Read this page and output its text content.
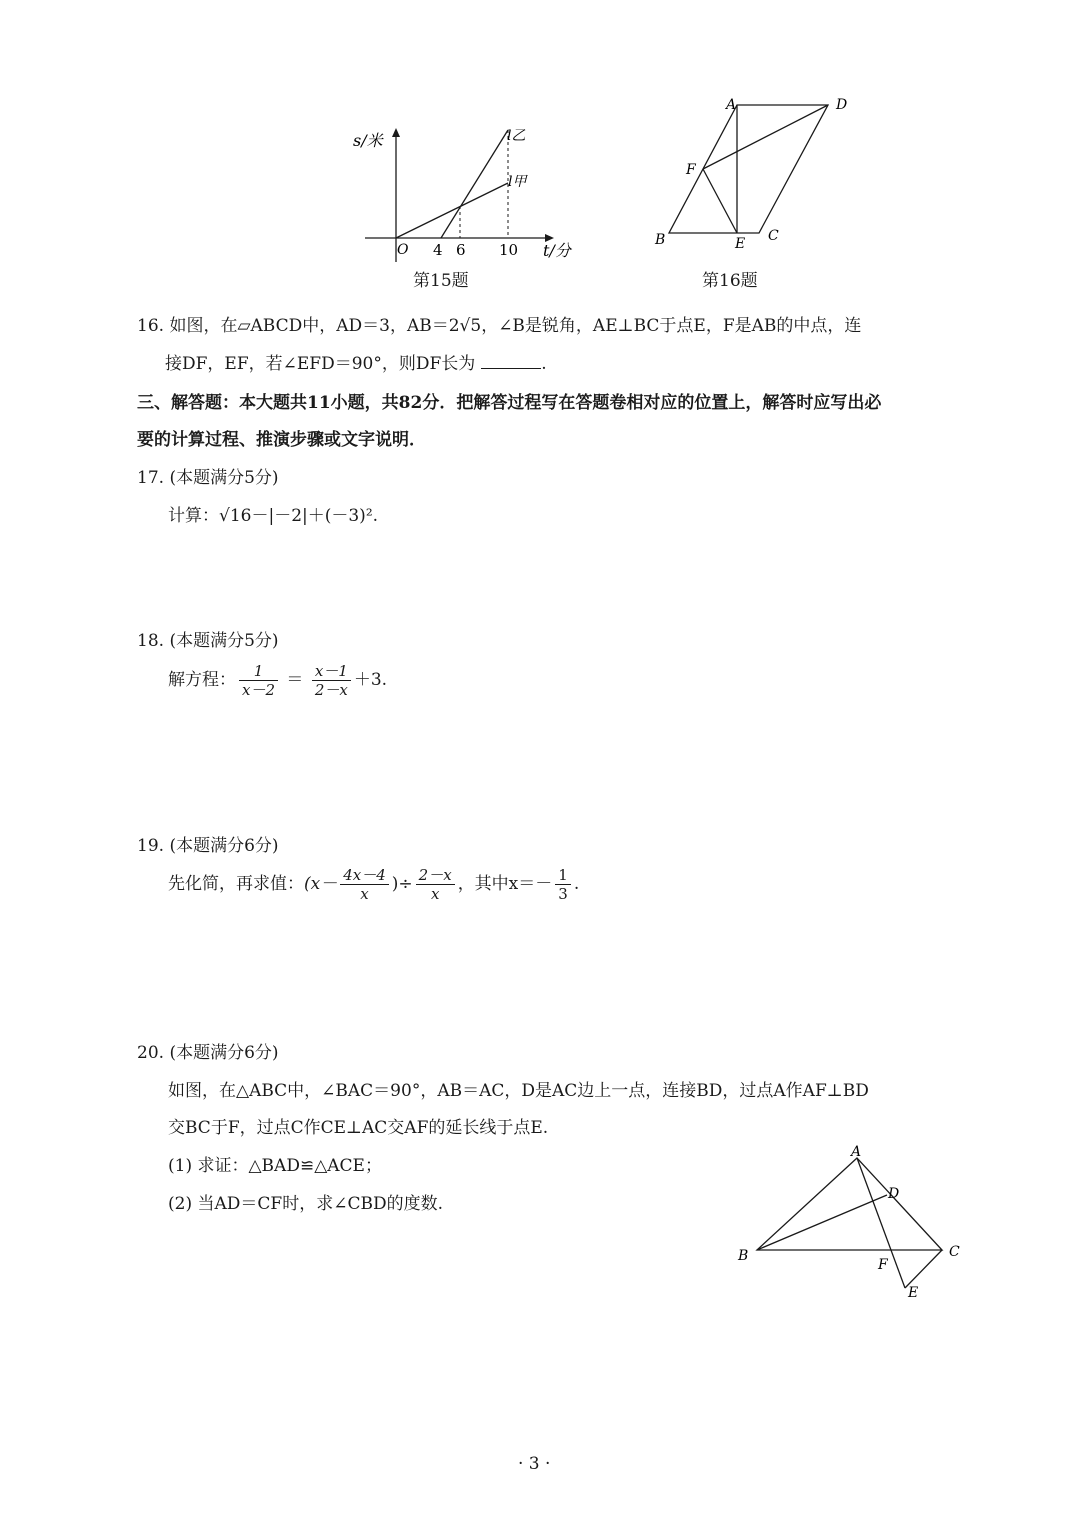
s/米
t/分
O 4 6 10
l乙
l甲
第15题
A	D
F
B	E C
第16题
16. 如图，在▱ABCD中，AD＝3，AB＝2√5，∠B是锐角，AE⊥BC于点E，F是AB的中点，连
接DF，EF，若∠EFD＝90°，则DF长为	.
三、解答题：本大题共11小题，共82分．把解答过程写在答题卷相对应的位置上，解答时应写出必
要的计算过程、推演步骤或文字说明．
17. (本题满分5分)
计算：√16－|－2|＋(－3)².
18. (本题满分5分)
解方程： $\frac{1}{x-2} = \frac{x-1}{2-x} +3$.
19. (本题满分6分)
先化简，再求值：($x- \frac{4x-4}{x}$ )÷ $\frac{2-x}{x}$ ，其中$x=- \frac{1}{3}$ .
20. (本题满分6分)
如图，在△ABC中，∠BAC＝90°，AB＝AC，D是AC边上一点，连接BD，过点A作AF⊥BD
交BC于F，过点C作CE⊥AC交AF的延长线于点E.
(1) 求证：△BAD≌△ACE；
(2) 当AD＝CF时，求∠CBD的度数.
A
D
B	C
F
E
· 3 ·
